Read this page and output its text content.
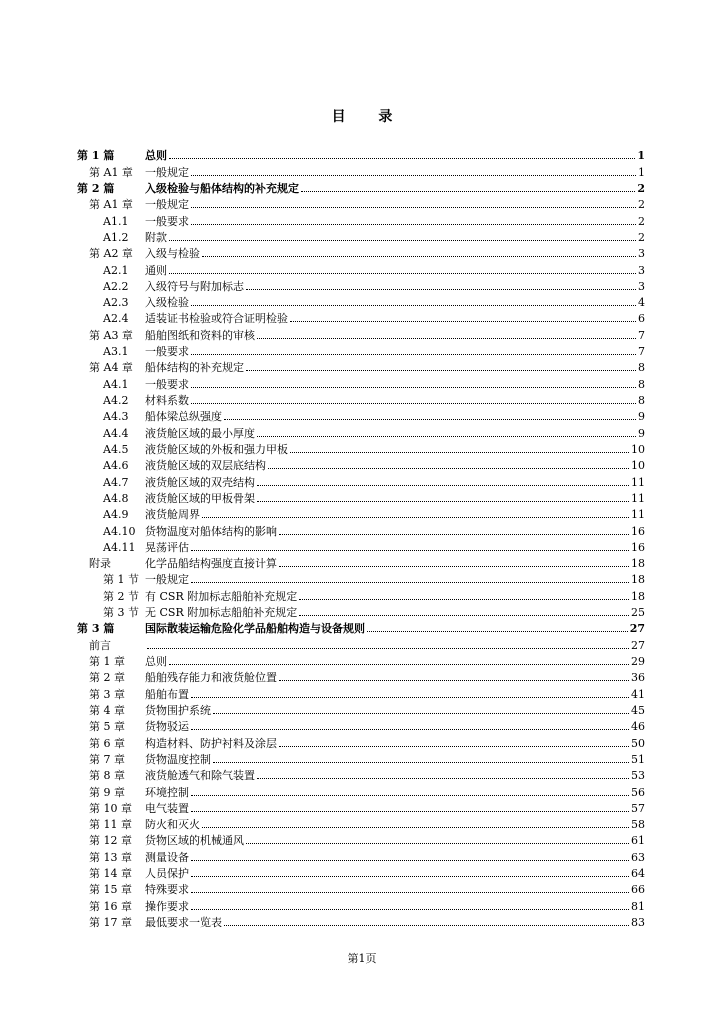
目 录
第 1 篇	总则	1
第 A1 章	一般规定	1
第 2 篇	入级检验与船体结构的补充规定	2
第 A1 章	一般规定	2
A1.1	一般要求	2
A1.2	附款	2
第 A2 章	入级与检验	3
A2.1	通则	3
A2.2	入级符号与附加标志	3
A2.3	入级检验	4
A2.4	适装证书检验或符合证明检验	6
第 A3 章	船舶图纸和资料的审核	7
A3.1	一般要求	7
第 A4 章	船体结构的补充规定	8
A4.1	一般要求	8
A4.2	材料系数	8
A4.3	船体梁总纵强度	9
A4.4	液货舱区域的最小厚度	9
A4.5	液货舱区域的外板和强力甲板	10
A4.6	液货舱区域的双层底结构	10
A4.7	液货舱区域的双壳结构	11
A4.8	液货舱区域的甲板骨架	11
A4.9	液货舱周界	11
A4.10 货物温度对船体结构的影响	16
A4.11 晃荡评估	16
附录	化学品船结构强度直接计算	18
第 1 节 一般规定	18
第 2 节 有 CSR 附加标志船舶补充规定	18
第 3 节 无 CSR 附加标志船舶补充规定	25
第 3 篇	国际散装运输危险化学品船舶构造与设备规则	27
前言	27
第 1 章	总则	29
第 2 章	船舶残存能力和液货舱位置	36
第 3 章	船舶布置	41
第 4 章	货物围护系统	45
第 5 章	货物驳运	46
第 6 章	构造材料、防护衬料及涂层	50
第 7 章	货物温度控制	51
第 8 章	液货舱透气和除气装置	53
第 9 章	环境控制	56
第 10 章	电气装置	57
第 11 章	防火和灭火	58
第 12 章	货物区域的机械通风	61
第 13 章	测量设备	63
第 14 章	人员保护	64
第 15 章	特殊要求	66
第 16 章	操作要求	81
第 17 章	最低要求一览表	83
第1页
